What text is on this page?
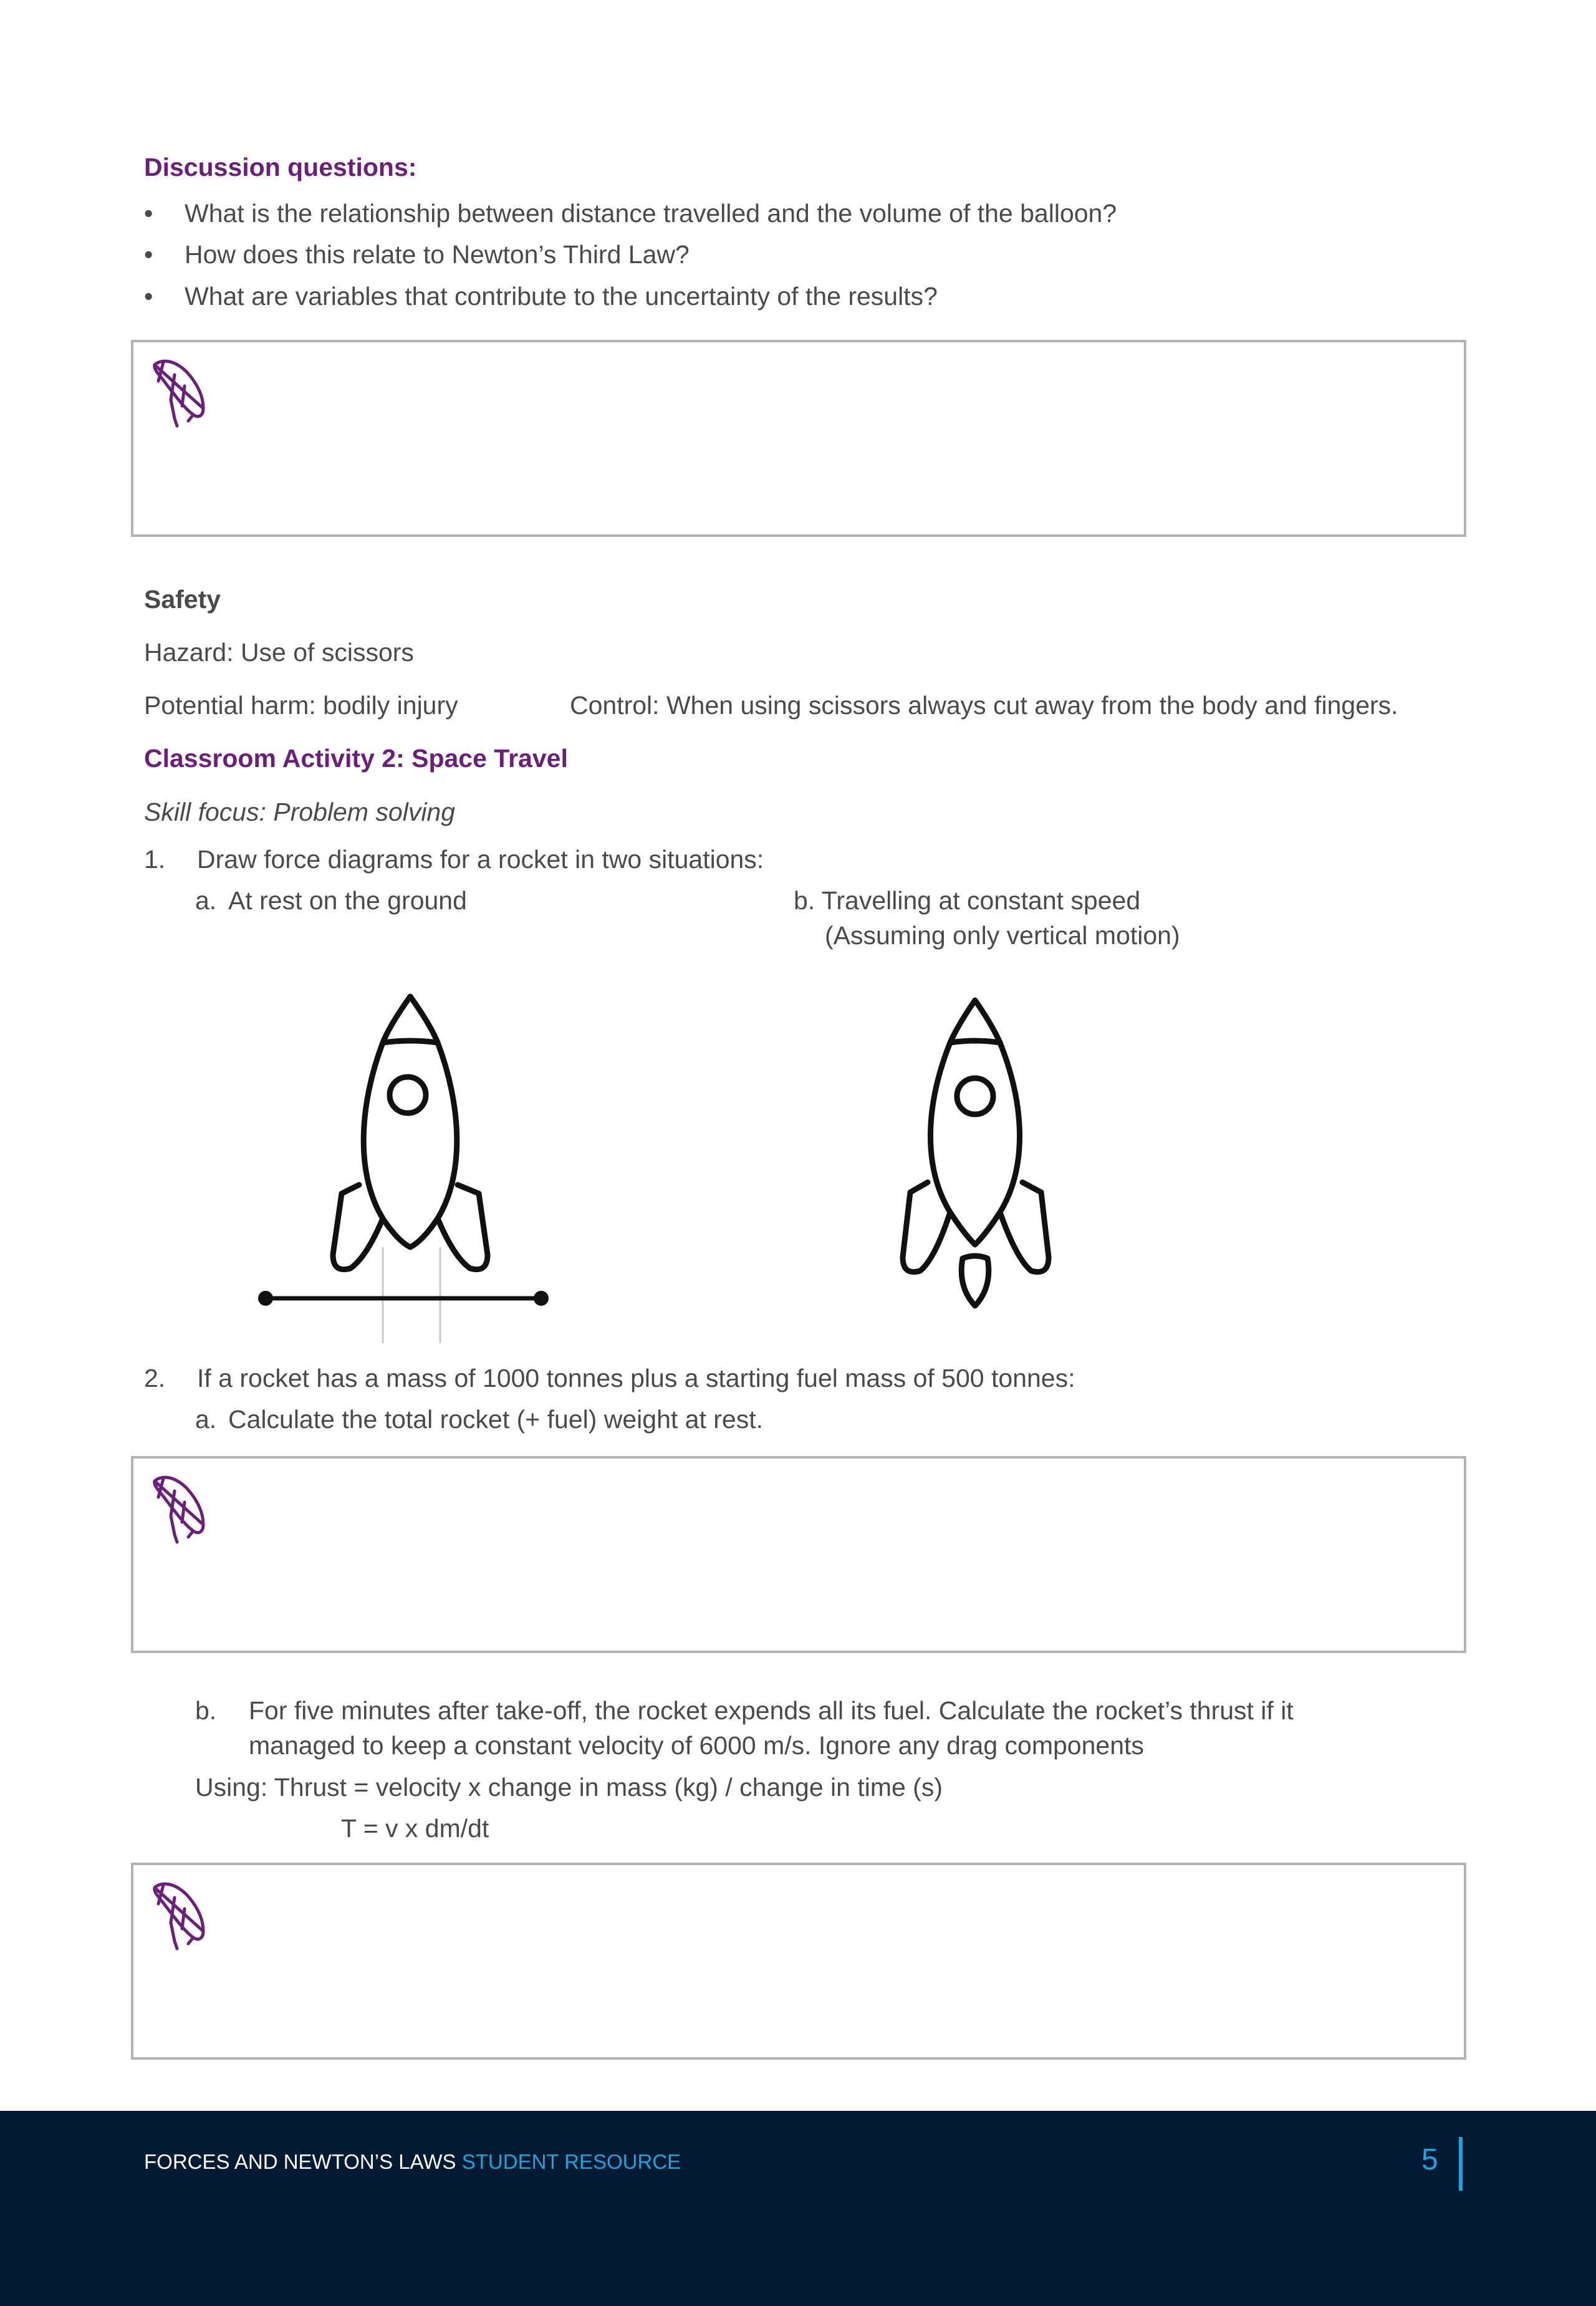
Discussion questions:
• What is the relationship between distance travelled and the volume of the balloon?
• How does this relate to Newton’s Third Law?
• What are variables that contribute to the uncertainty of the results?
Safety
Hazard: Use of scissors
Potential harm: bodily injury	Control: When using scissors always cut away from the body and fingers.
Classroom Activity 2: Space Travel
Skill focus: Problem solving
1. Draw force diagrams for a rocket in two situations:
a. At rest on the ground	b. Travelling at constant speed
(Assuming only vertical motion)
2. If a rocket has a mass of 1000 tonnes plus a starting fuel mass of 500 tonnes:
a. Calculate the total rocket (+ fuel) weight at rest.
b. For five minutes after take-off, the rocket expends all its fuel. Calculate the rocket’s thrust if it
managed to keep a constant velocity of 6000 m/s. Ignore any drag components
Using: Thrust = velocity x change in mass (kg) / change in time (s)
T = v x dm/dt
FORCES AND NEWTON’S LAWS STUDENT RESOURCE	5
